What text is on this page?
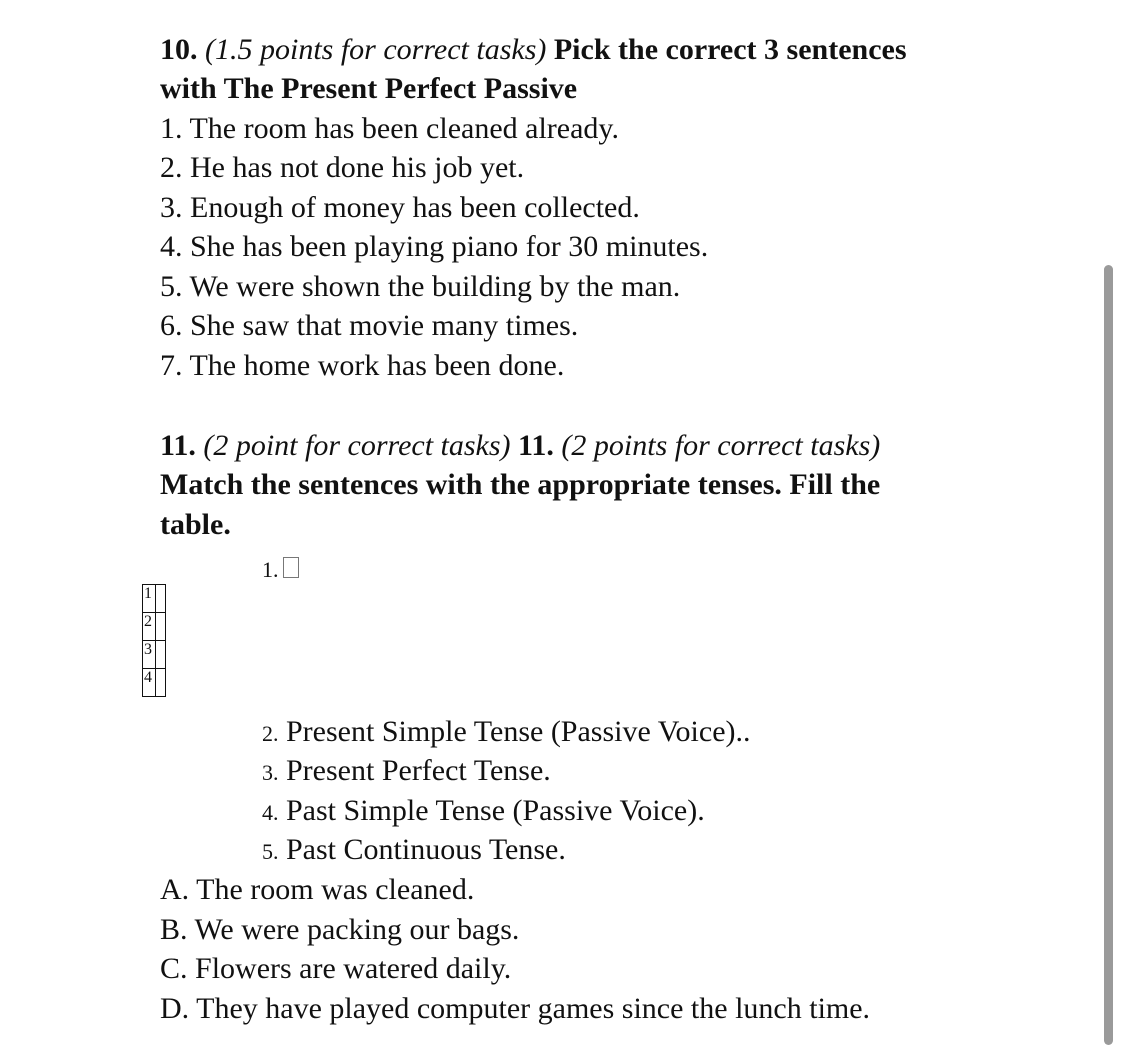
10. (1.5 points for correct tasks) Pick the correct 3 sentences
with The Present Perfect Passive
1. The room has been cleaned already.
2. He has not done his job yet.
3. Enough of money has been collected.
4. She has been playing piano for 30 minutes.
5. We were shown the building by the man.
6. She saw that movie many times.
7. The home work has been done.
11. (2 point for correct tasks) 11. (2 points for correct tasks)
Match the sentences with the appropriate tenses. Fill the
table.
1.
1	
2	
3	
4	
2. Present Simple Tense (Passive Voice)..
3. Present Perfect Tense.
4. Past Simple Tense (Passive Voice).
5. Past Continuous Tense.
A. The room was cleaned.
B. We were packing our bags.
C. Flowers are watered daily.
D. They have played computer games since the lunch time.
